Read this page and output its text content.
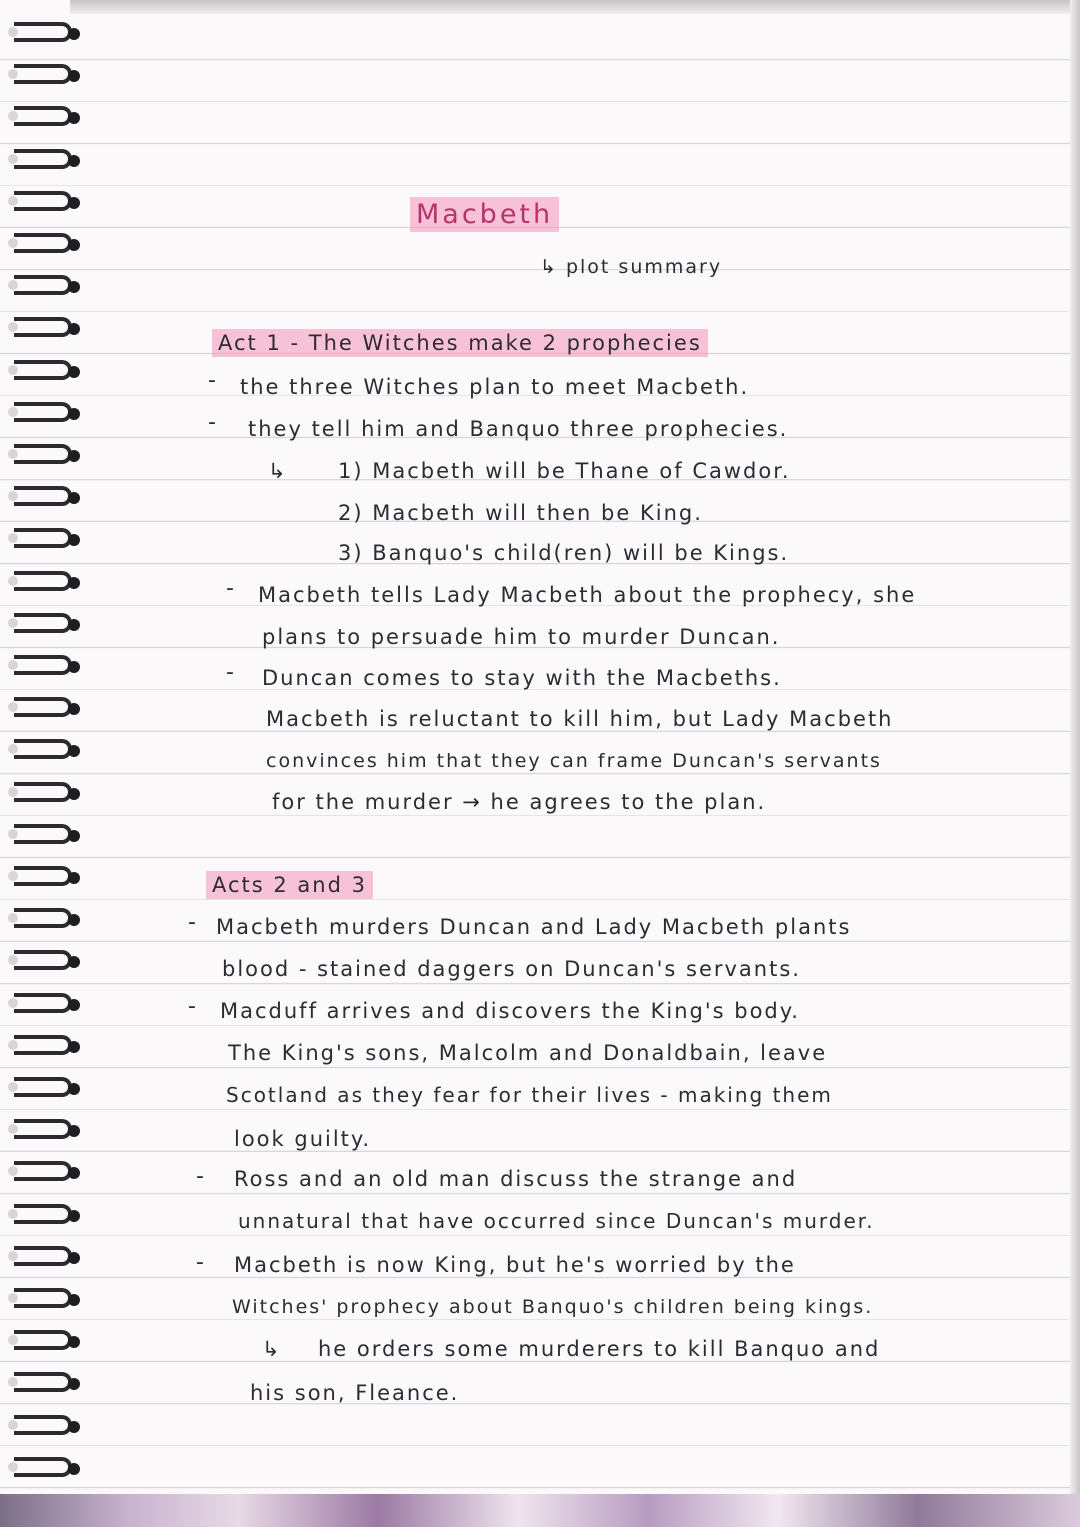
Macbeth
↳ plot summary
Act 1 - The Witches make 2 prophecies
- the three Witches plan to meet Macbeth.
- they tell him and Banquo three prophecies.
↳ 1) Macbeth will be Thane of Cawdor.
2) Macbeth will then be King.
3) Banquo's child(ren) will be Kings.
- Macbeth tells Lady Macbeth about the prophecy, she
plans to persuade him to murder Duncan.
- Duncan comes to stay with the Macbeths.
Macbeth is reluctant to kill him, but Lady Macbeth
convinces him that they can frame Duncan's servants
for the murder → he agrees to the plan.
Acts 2 and 3
- Macbeth murders Duncan and Lady Macbeth plants
blood - stained daggers on Duncan's servants.
- Macduff arrives and discovers the King's body.
The King's sons, Malcolm and Donaldbain, leave
Scotland as they fear for their lives - making them
look guilty.
- Ross and an old man discuss the strange and
unnatural that have occurred since Duncan's murder.
- Macbeth is now King, but he's worried by the
Witches' prophecy about Banquo's children being kings.
↳ he orders some murderers to kill Banquo and
his son, Fleance.
